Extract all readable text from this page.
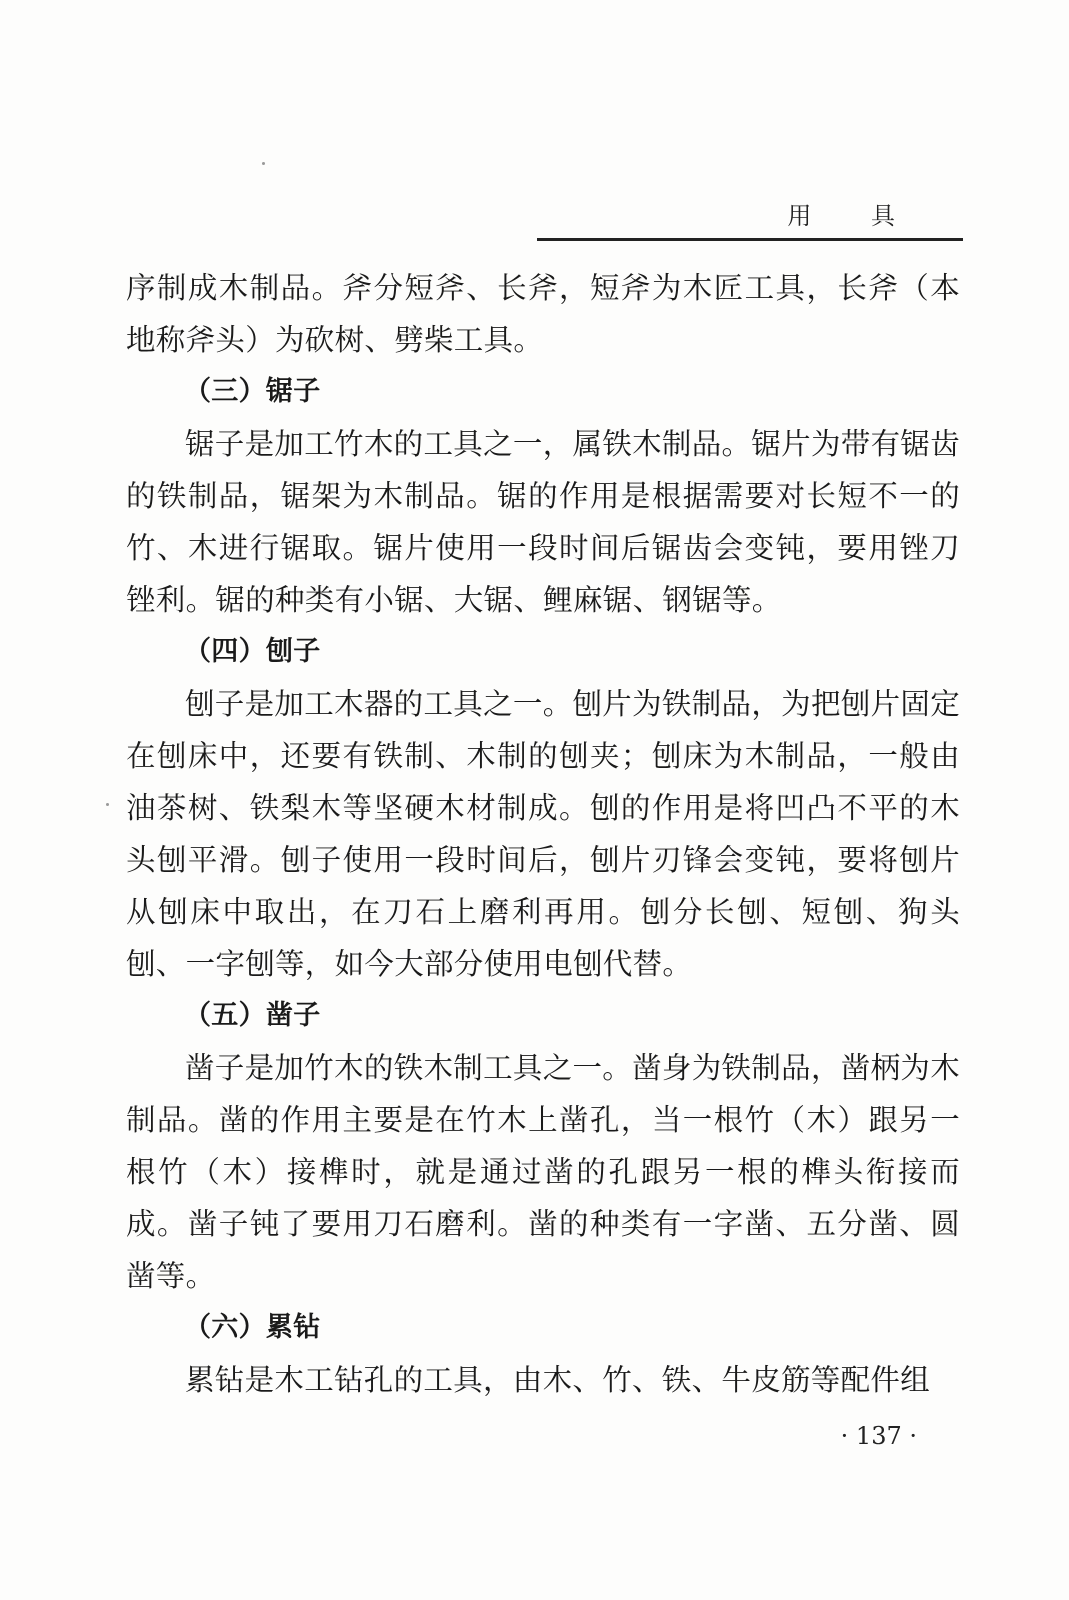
用 具

序制成木制品。斧分短斧、长斧，短斧为木匠工具，长斧（本地称斧头）为砍树、劈柴工具。

（三）锯子

锯子是加工竹木的工具之一，属铁木制品。锯片为带有锯齿的铁制品，锯架为木制品。锯的作用是根据需要对长短不一的竹、木进行锯取。锯片使用一段时间后锯齿会变钝，要用锉刀锉利。锯的种类有小锯、大锯、鲤麻锯、钢锯等。

（四）刨子

刨子是加工木器的工具之一。刨片为铁制品，为把刨片固定在刨床中，还要有铁制、木制的刨夹；刨床为木制品，一般由油茶树、铁梨木等坚硬木材制成。刨的作用是将凹凸不平的木头刨平滑。刨子使用一段时间后，刨片刃锋会变钝，要将刨片从刨床中取出，在刀石上磨利再用。刨分长刨、短刨、狗头刨、一字刨等，如今大部分使用电刨代替。

（五）凿子

凿子是加竹木的铁木制工具之一。凿身为铁制品，凿柄为木制品。凿的作用主要是在竹木上凿孔，当一根竹（木）跟另一根竹（木）接榫时，就是通过凿的孔跟另一根的榫头衔接而成。凿子钝了要用刀石磨利。凿的种类有一字凿、五分凿、圆凿等。

（六）累钻

累钻是木工钻孔的工具，由木、竹、铁、牛皮筋等配件组

· 137 ·
